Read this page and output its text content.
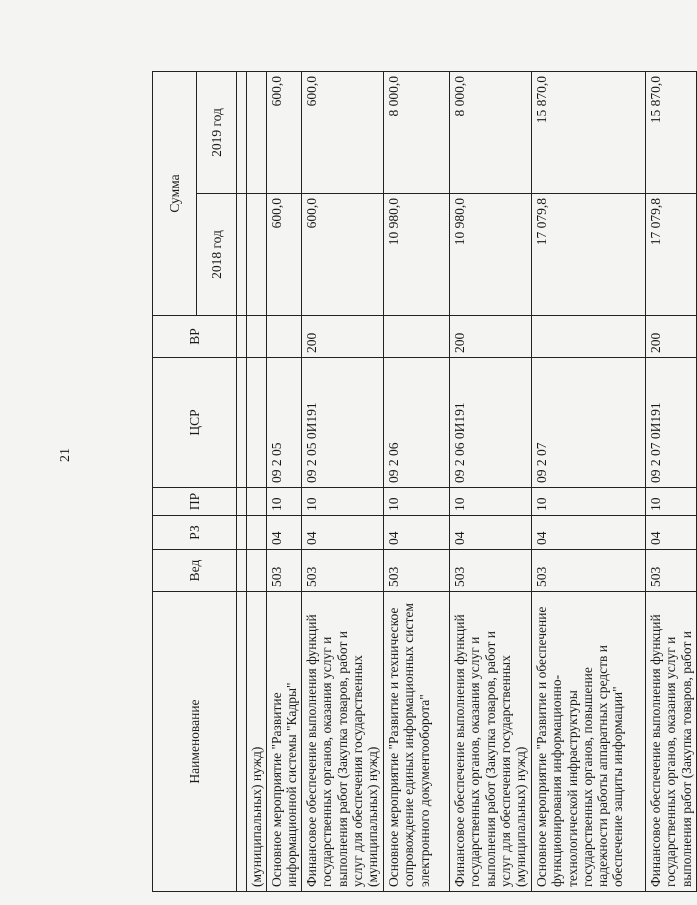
21
Наименование	Вед	РЗ	ПР	ЦСР	ВР	Сумма	
						2018 год	2019 год

(муниципальных) нужд)							
Основное мероприятие "Развитие информационной системы "Кадры"	503	04	10	09 2 05		600,0	600,0
Финансовое обеспечение выполнения функций государственных органов, оказания услуг и выполнения работ (Закупка товаров, работ и услуг для обеспечения государственных (муниципальных) нужд)	503	04	10	09 2 05 0И191	200	600,0	600,0
Основное мероприятие "Развитие и техническое сопровождение единых информационных систем электронного документооборота"	503	04	10	09 2 06		10 980,0	8 000,0
Финансовое обеспечение выполнения функций государственных органов, оказания услуг и выполнения работ (Закупка товаров, работ и услуг для обеспечения государственных (муниципальных) нужд)	503	04	10	09 2 06 0И191	200	10 980,0	8 000,0
Основное мероприятие "Развитие и обеспечение функционирования информационно-технологической инфраструктуры государственных органов, повышение надежности работы аппаратных средств и обеспечение защиты информации"	503	04	10	09 2 07		17 079,8	15 870,0
Финансовое обеспечение выполнения функций государственных органов, оказания услуг и выполнения работ (Закупка товаров, работ и	503	04	10	09 2 07 0И191	200	17 079,8	15 870,0
